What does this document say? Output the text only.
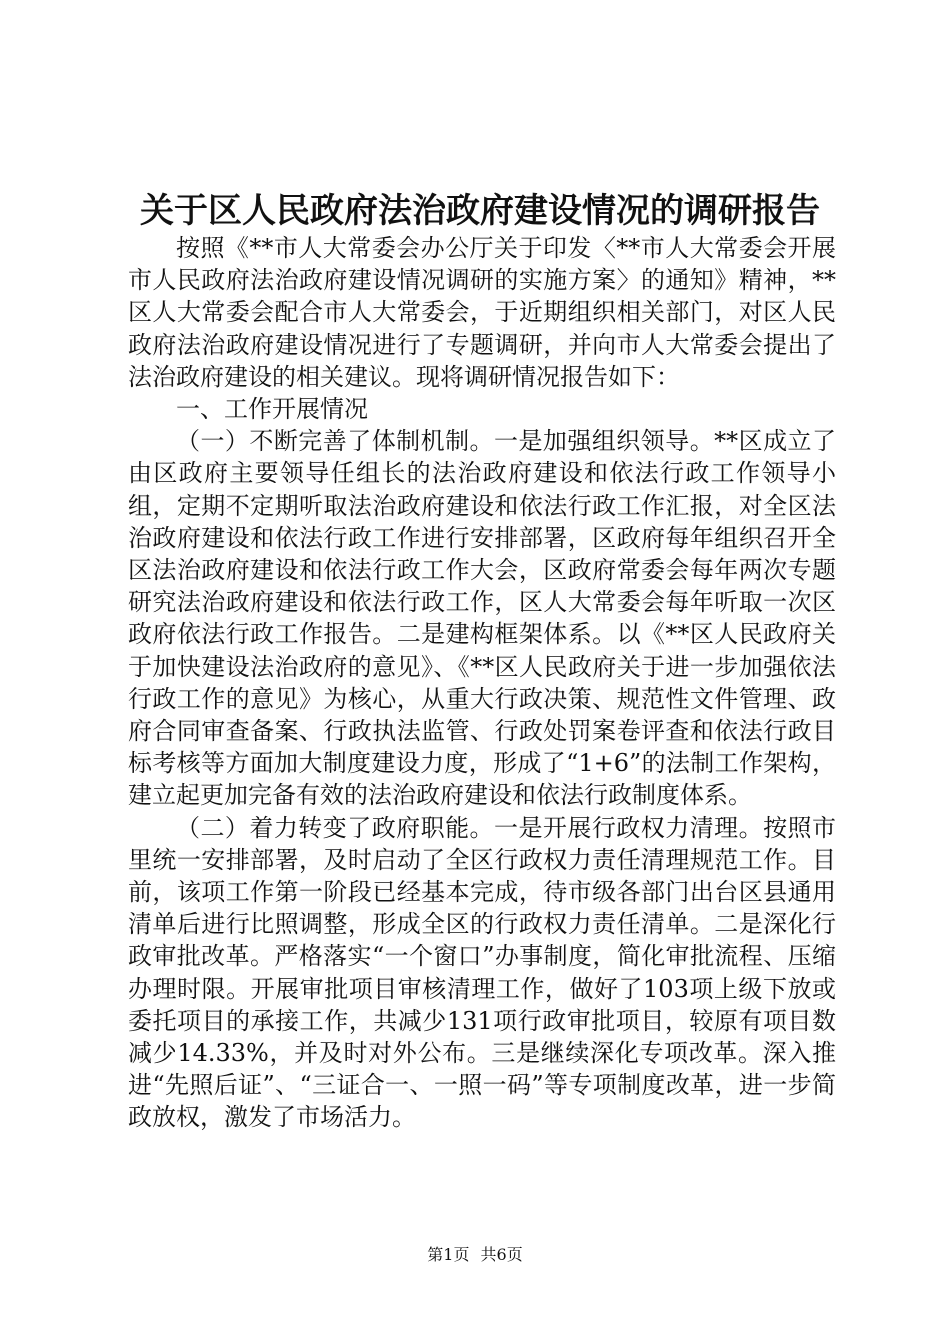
关于区人民政府法治政府建设情况的调研报告

按照《**市人大常委会办公厅关于印发〈**市人大常委会开展市人民政府法治政府建设情况调研的实施方案〉的通知》精神，**区人大常委会配合市人大常委会，于近期组织相关部门，对区人民政府法治政府建设情况进行了专题调研，并向市人大常委会提出了法治政府建设的相关建议。现将调研情况报告如下：

一、工作开展情况

（一）不断完善了体制机制。一是加强组织领导。**区成立了由区政府主要领导任组长的法治政府建设和依法行政工作领导小组，定期不定期听取法治政府建设和依法行政工作汇报，对全区法治政府建设和依法行政工作进行安排部署，区政府每年组织召开全区法治政府建设和依法行政工作大会，区政府常委会每年两次专题研究法治政府建设和依法行政工作，区人大常委会每年听取一次区政府依法行政工作报告。二是建构框架体系。以《**区人民政府关于加快建设法治政府的意见》、《**区人民政府关于进一步加强依法行政工作的意见》为核心，从重大行政决策、规范性文件管理、政府合同审查备案、行政执法监管、行政处罚案卷评查和依法行政目标考核等方面加大制度建设力度，形成了“1+6”的法制工作架构，建立起更加完备有效的法治政府建设和依法行政制度体系。

（二）着力转变了政府职能。一是开展行政权力清理。按照市里统一安排部署，及时启动了全区行政权力责任清理规范工作。目前，该项工作第一阶段已经基本完成，待市级各部门出台区县通用清单后进行比照调整，形成全区的行政权力责任清单。二是深化行政审批改革。严格落实“一个窗口”办事制度，简化审批流程、压缩办理时限。开展审批项目审核清理工作，做好了103项上级下放或委托项目的承接工作，共减少131项行政审批项目，较原有项目数减少14.33%，并及时对外公布。三是继续深化专项改革。深入推进“先照后证”、“三证合一、一照一码”等专项制度改革，进一步简政放权，激发了市场活力。

第1页 共6页
